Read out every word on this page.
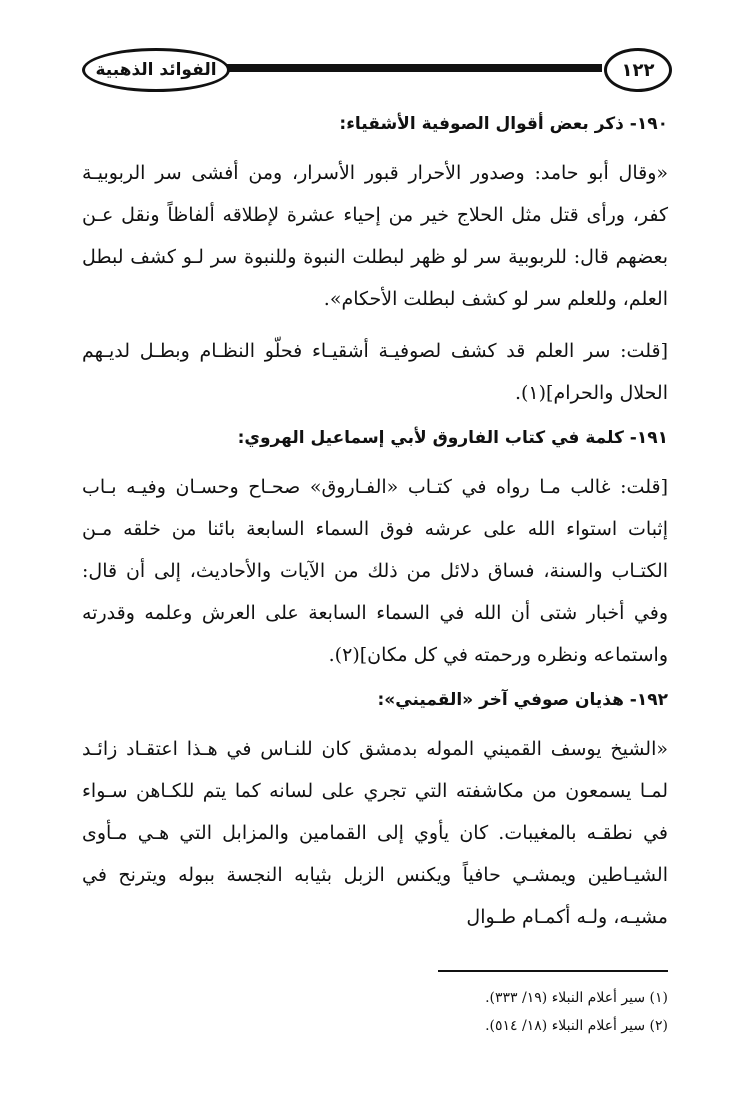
الفوائد الذهبية	١٢٢
١٩٠- ذكر بعض أقوال الصوفية الأشقياء:

«وقال أبو حامد: وصدور الأحرار قبور الأسرار، ومن أفشى سر الربوبيـة كفر، ورأى قتل مثل الحلاج خير من إحياء عشرة لإطلاقه ألفاظاً ونقل عـن بعضهم قال: للربوبية سر لو ظهر لبطلت النبوة وللنبوة سر لـو كشف لبطل العلم، وللعلم سر لو كشف لبطلت الأحكام».

[قلت: سر العلم قد كشف لصوفيـة أشقيـاء فحلّو النظـام وبطـل لديـهم الحلال والحرام](١).

١٩١- كلمة في كتاب الفاروق لأبي إسماعيل الهروي:

[قلت: غالب مـا رواه في كتـاب «الفـاروق» صحـاح وحسـان وفيـه بـاب إثبات استواء الله على عرشه فوق السماء السابعة بائنا من خلقه مـن الكتـاب والسنة، فساق دلائل من ذلك من الآيات والأحاديث، إلى أن قال: وفي أخبار شتى أن الله في السماء السابعة على العرش وعلمه وقدرته واستماعه ونظره ورحمته في كل مكان](٢).

١٩٢- هذيان صوفي آخر «القميني»:

«الشيخ يوسف القميني الموله بدمشق كان للنـاس في هـذا اعتقـاد زائـد لمـا يسمعون من مكاشفته التي تجري على لسانه كما يتم للكـاهن سـواء في نطقـه بالمغيبات. كان يأوي إلى القمامين والمزابل التي هـي مـأوى الشيـاطين ويمشـي حافياً ويكنس الزبل بثيابه النجسة ببوله ويترنح في مشيـه، ولـه أكمـام طـوال

(١) سير أعلام النبلاء (١٩/ ٣٣٣).
(٢) سير أعلام النبلاء (١٨/ ٥١٤).
